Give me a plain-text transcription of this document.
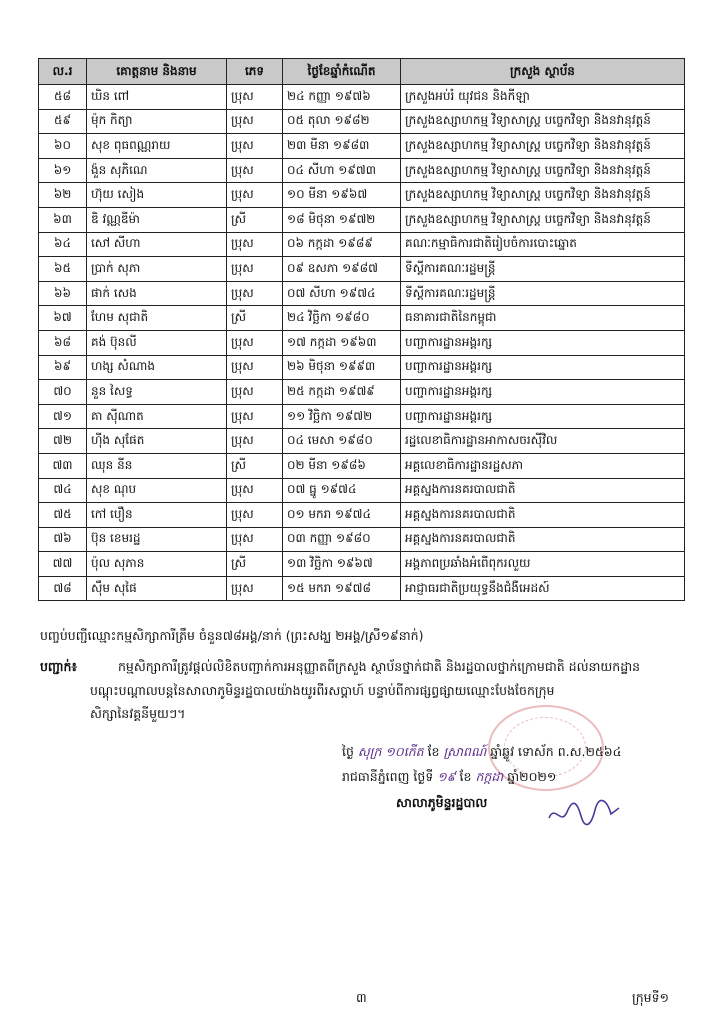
ល.រ	គោត្តនាម និងនាម	ភេទ	ថ្ងៃខែឆ្នាំកំណើត	ក្រសួង ស្ថាប័ន
៥៨	ឃិន ពៅ	ប្រុស	២៤ កញ្ញា ១៩៧៦	ក្រសួងអប់រំ យុវជន និងកីឡា
៥៩	ម៉ុក កិត្យា	ប្រុស	០៥ តុលា ១៩៨២	ក្រសួងឧស្សាហកម្ម វិទ្យាសាស្ត្រ បច្ចេកវិទ្យា និងនវានុវត្តន៍
៦០	សុខ ពុធពណ្ណរាយ	ប្រុស	២៣ មីនា ១៩៨៣	ក្រសួងឧស្សាហកម្ម វិទ្យាសាស្ត្រ បច្ចេកវិទ្យា និងនវានុវត្តន៍
៦១	ង៉ួន សុភិណេ	ប្រុស	០៤ សីហា ១៩៧៣	ក្រសួងឧស្សាហកម្ម វិទ្យាសាស្ត្រ បច្ចេកវិទ្យា និងនវានុវត្តន៍
៦២	ហ៊ុយ សៀង	ប្រុស	១០ មីនា ១៩៦៧	ក្រសួងឧស្សាហកម្ម វិទ្យាសាស្ត្រ បច្ចេកវិទ្យា និងនវានុវត្តន៍
៦៣	ឌិ វណ្ណឌីម៉ា	ស្រី	១៨ មិថុនា ១៩៧២	ក្រសួងឧស្សាហកម្ម វិទ្យាសាស្ត្រ បច្ចេកវិទ្យា និងនវានុវត្តន៍
៦៤	សៅ សីហា	ប្រុស	០៦ កក្កដា ១៩៨៩	គណៈកម្មាធិការជាតិរៀបចំការបោះឆ្នោត
៦៥	ប្រាក់ សុភា	ប្រុស	០៩ ឧសភា ១៩៨៧	ទីស្តីការគណៈរដ្ឋមន្ត្រី
៦៦	ផាក់ សេង	ប្រុស	០៧ សីហា ១៩៧៤	ទីស្តីការគណៈរដ្ឋមន្ត្រី
៦៧	ហែម សុជាតិ	ស្រី	២៤ វិច្ឆិកា ១៩៨០	ធនាគារជាតិនៃកម្ពុជា
៦៨	គង់ ប៊ុនលី	ប្រុស	១៧ កក្កដា ១៩៦៣	បញ្ជាការដ្ឋានអង្គរក្ស
៦៩	ហង្ស សំណាង	ប្រុស	២៦ មិថុនា ១៩៩៣	បញ្ជាការដ្ឋានអង្គរក្ស
៧០	នួន សៃទ្ធ	ប្រុស	២៥ កក្កដា ១៩៧៩	បញ្ជាការដ្ឋានអង្គរក្ស
៧១	គា ស៊ីណាត	ប្រុស	១១ វិច្ឆិកា ១៩៧២	បញ្ជាការដ្ឋានអង្គរក្ស
៧២	ហ៊ីង សុផែត	ប្រុស	០៤ មេសា ១៩៨០	រដ្ឋលេខាធិការដ្ឋានអាកាសចរស៊ីវិល
៧៣	ឈុន នីន	ស្រី	០២ មីនា ១៩៨៦	អគ្គលេខាធិការដ្ឋានរដ្ឋសភា
៧៤	សុខ ណុប	ប្រុស	០៧ ធ្នូ ១៩៧៤	អគ្គស្នងការនគរបាលជាតិ
៧៥	កៅ បឿន	ប្រុស	០១ មករា ១៩៧៤	អគ្គស្នងការនគរបាលជាតិ
៧៦	ប៊ុន ខេមរដ្ឋ	ប្រុស	០៣ កញ្ញា ១៩៨០	អគ្គស្នងការនគរបាលជាតិ
៧៧	ប៉ុល សុភាន	ស្រី	១៣ វិច្ឆិកា ១៩៦៧	អង្គភាពប្រឆាំងអំពើពុករលួយ
៧៨	ស៊ឹម សុផៃ	ប្រុស	១៥ មករា ១៩៧៨	អាជ្ញាធរជាតិប្រយុទ្ធនឹងជំងឺអេដស៍
បញ្ចប់បញ្ជីឈ្មោះកម្មសិក្សាការីត្រឹម ចំនួន៧៨អង្គ/នាក់ (ព្រះសង្ឃ ២អង្គ/ស្រី១៩នាក់)
បញ្ជាក់៖	កម្មសិក្សាការីត្រូវផ្តល់លិខិតបញ្ជាក់ការអនុញ្ញាតពីក្រសួង ស្ថាប័នថ្នាក់ជាតិ និងរដ្ឋបាលថ្នាក់ក្រោមជាតិ ដល់នាយកដ្ឋាន
បណ្តុះបណ្តាលបន្តនៃសាលាភូមិន្ទរដ្ឋបាលយ៉ាងយូរពីរសប្តាហ៍ បន្ទាប់ពីការផ្សព្វផ្សាយឈ្មោះបែងចែកក្រុម
សិក្សានៃវគ្គនីមួយៗ។
ថ្ងៃ សុក្រ ១០កើត ខែ ស្រាពណ៍ ឆ្នាំឆ្លូវ ទោស័ក ព.ស.២៥៦៤
រាជធានីភ្នំពេញ ថ្ងៃទី ១៩ ខែ កក្កដា ឆ្នាំ២០២១
សាលាភូមិន្ទរដ្ឋបាល
៣	ក្រុមទី១
